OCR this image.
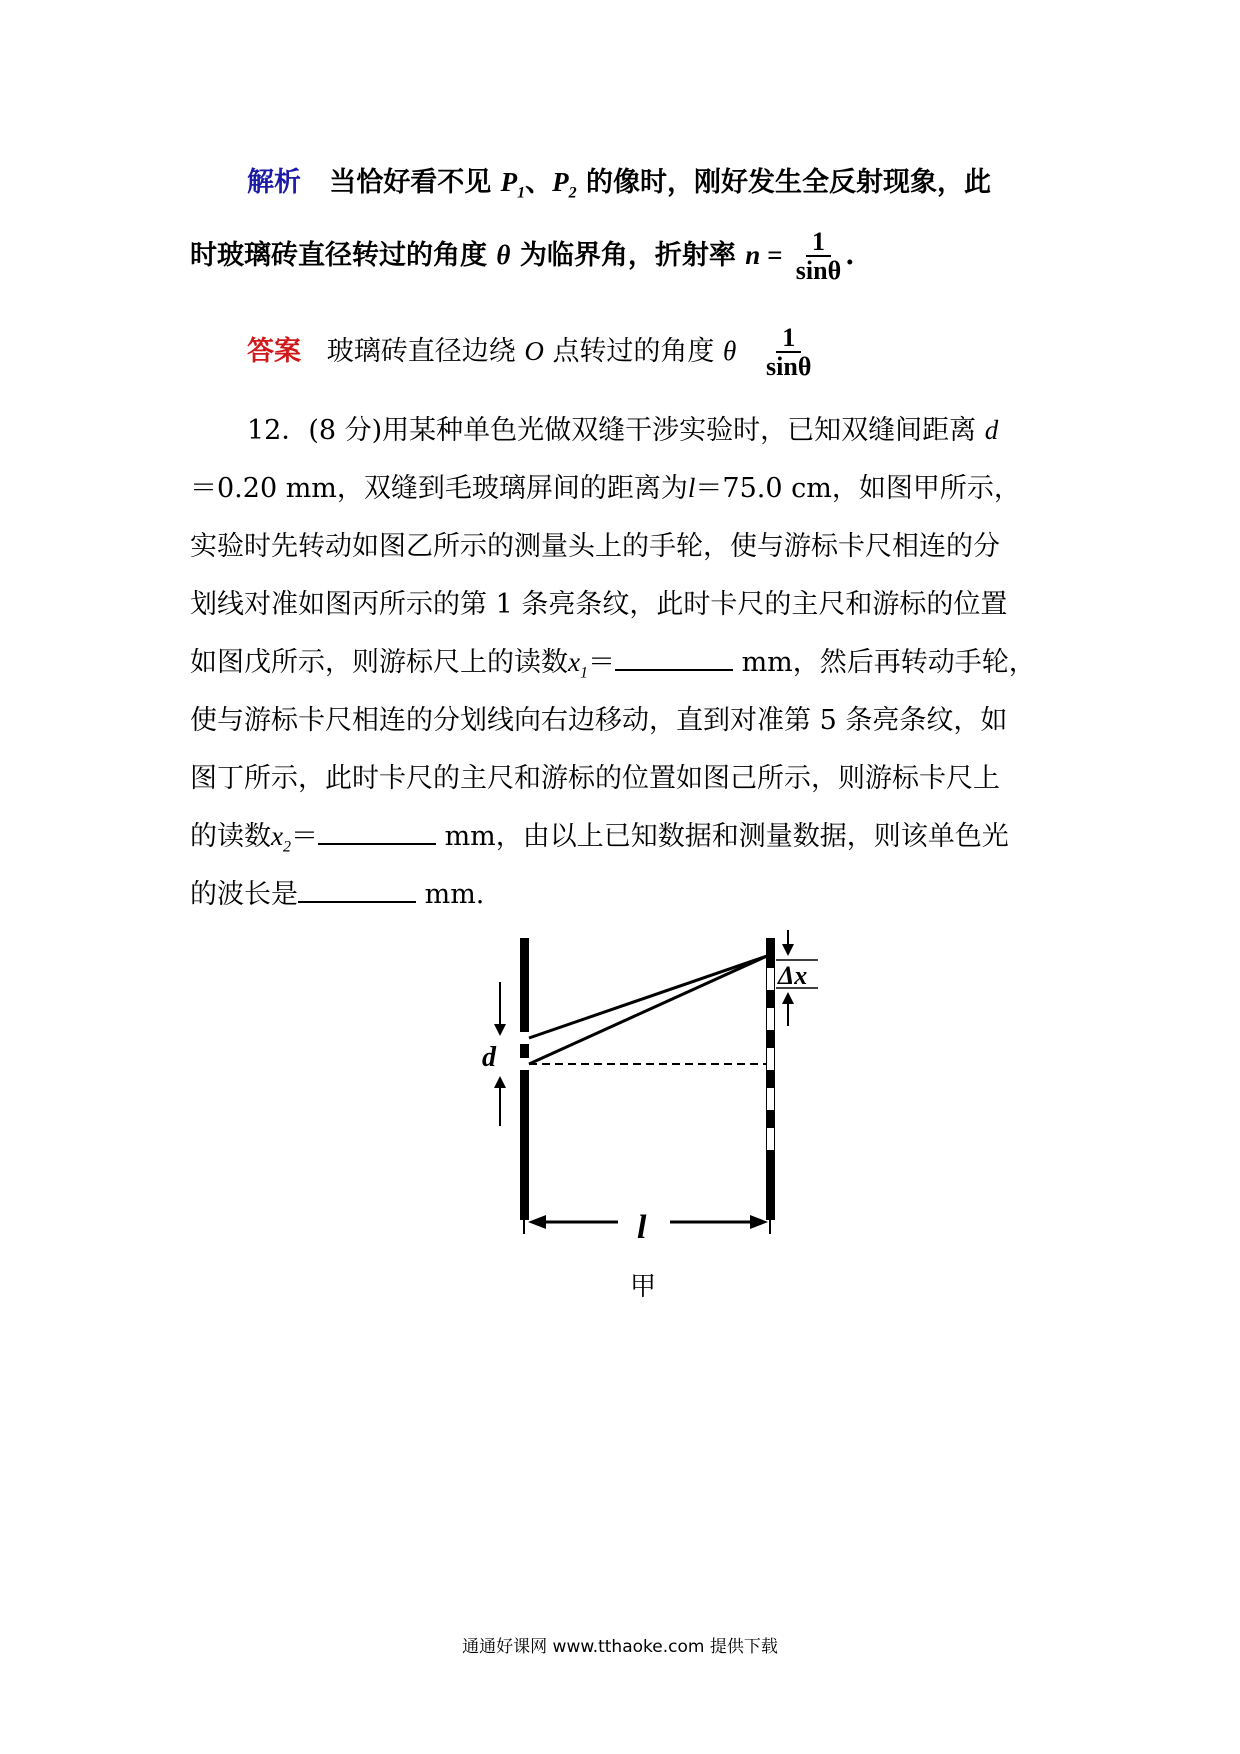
解析 当恰好看不见 $P_1$、$P_2$ 的像时，刚好发生全反射现象，此
时玻璃砖直径转过的角度 θ 为临界角，折射率 $n = \frac{1}{\sin\theta}$ .
答案 玻璃砖直径边绕 O 点转过的角度 θ $\frac{1}{\sin\theta}$
12．(8 分)用某种单色光做双缝干涉实验时，已知双缝间距离 d
＝0.20 mm，双缝到毛玻璃屏间的距离为l＝75.0 cm，如图甲所示，
实验时先转动如图乙所示的测量头上的手轮，使与游标卡尺相连的分
划线对准如图丙所示的第 1 条亮条纹，此时卡尺的主尺和游标的位置
如图戊所示，则游标尺上的读数$x_1=$	mm，然后再转动手轮，
使与游标卡尺相连的分划线向右边移动，直到对准第 5 条亮条纹，如
图丁所示，此时卡尺的主尺和游标的位置如图己所示，则游标卡尺上
的读数$x_2=$	mm，由以上已知数据和测量数据，则该单色光
的波长是	mm.
d
Δx
l
甲
通通好课网 www.tthaoke.com 提供下载
